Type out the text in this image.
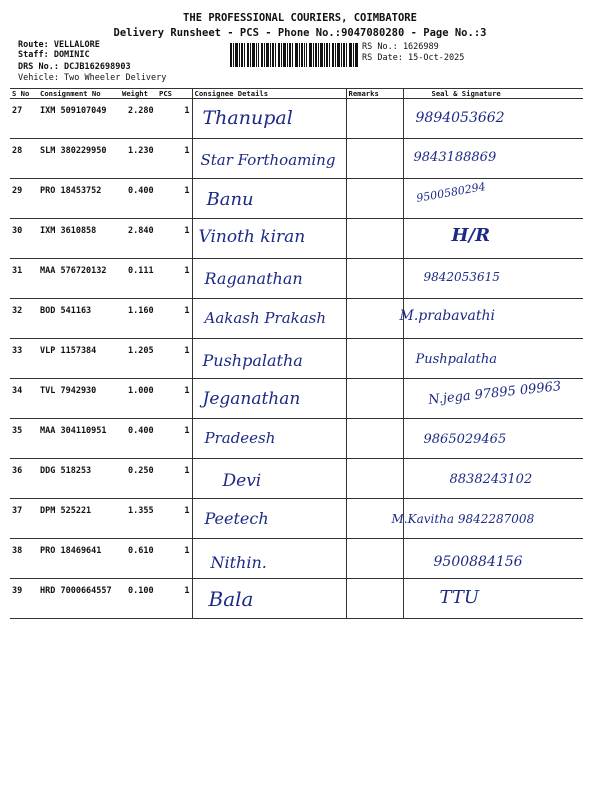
THE PROFESSIONAL COURIERS, COIMBATORE
Delivery Runsheet - PCS - Phone No.:9047080280 - Page No.:3
Route: VELLALORE
Staff: DOMINIC
DRS No.: DCJB162698903
Vehicle: Two Wheeler Delivery
RS No.: 1626989
RS Date: 15-Oct-2025
S No	Consignment No	Weight	PCS	Consignee Details	Remarks	Seal & Signature
27	IXM 509107049	2.280	1	Thanupal		9894053662

28	SLM 380229950	1.230	1	Star Forthoaming		9843188869

29	PRO 18453752	0.400	1	Banu		9500580294

30	IXM 3610858	2.840	1	Vinoth kiran		H/R

31	MAA 576720132	0.111	1	Raganathan		9842053615

32	BOD 541163	1.160	1	Aakash Prakash		M.prabavathi

33	VLP 1157384	1.205	1	Pushpalatha		Pushpalatha

34	TVL 7942930	1.000	1	Jeganathan		N.jega 97895 09963

35	MAA 304110951	0.400	1	Pradeesh		9865029465

36	DDG 518253	0.250	1	Devi		8838243102

37	DPM 525221	1.355	1	Peetech		M.Kavitha 9842287008

38	PRO 18469641	0.610	1	Nithin.		9500884156

39	HRD 7000664557	0.100	1	Bala		TTU
